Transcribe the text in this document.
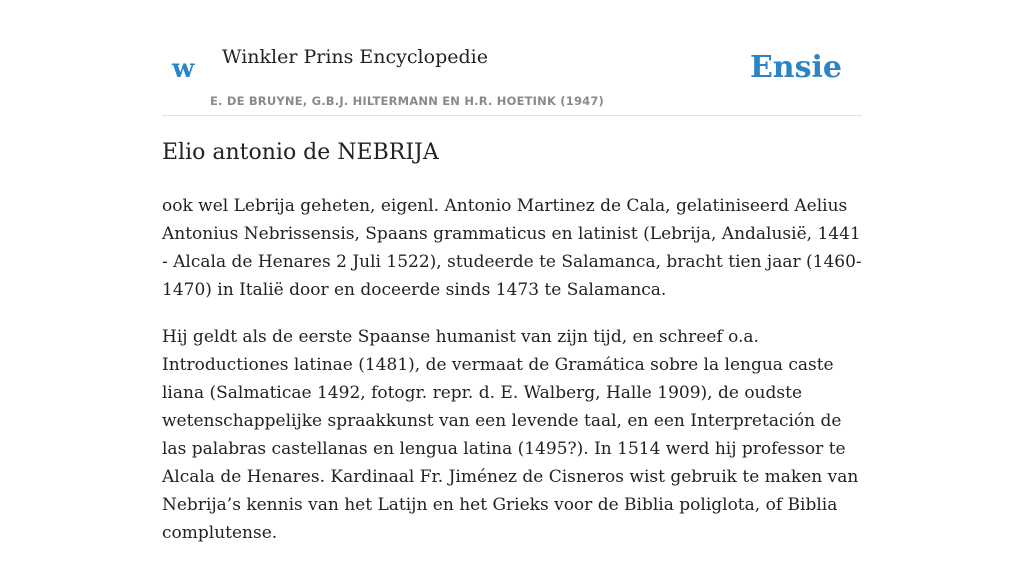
w Winkler Prins Encyclopedie
E. DE BRUYNE, G.B.J. HILTERMANN EN H.R. HOETINK (1947)
Ensie
Elio antonio de NEBRIJA

ook wel Lebrija geheten, eigenl. Antonio Martinez de Cala, gelatiniseerd Aelius Antonius Nebrissensis, Spaans grammaticus en latinist (Lebrija, Andalusië, 1441 - Alcala de Henares 2 Juli 1522), studeerde te Salamanca, bracht tien jaar (1460-1470) in Italië door en doceerde sinds 1473 te Salamanca.

Hij geldt als de eerste Spaanse humanist van zijn tijd, en schreef o.a. Introductiones latinae (1481), de vermaat de Gramática sobre la lengua caste liana (Salmaticae 1492, fotogr. repr. d. E. Walberg, Halle 1909), de oudste wetenschappelijke spraakkunst van een levende taal, en een Interpretación de las palabras castellanas en lengua latina (1495?). In 1514 werd hij professor te Alcala de Henares. Kardinaal Fr. Jiménez de Cisneros wist gebruik te maken van Nebrija’s kennis van het Latijn en het Grieks voor de Biblia poliglota, of Biblia complutense.
